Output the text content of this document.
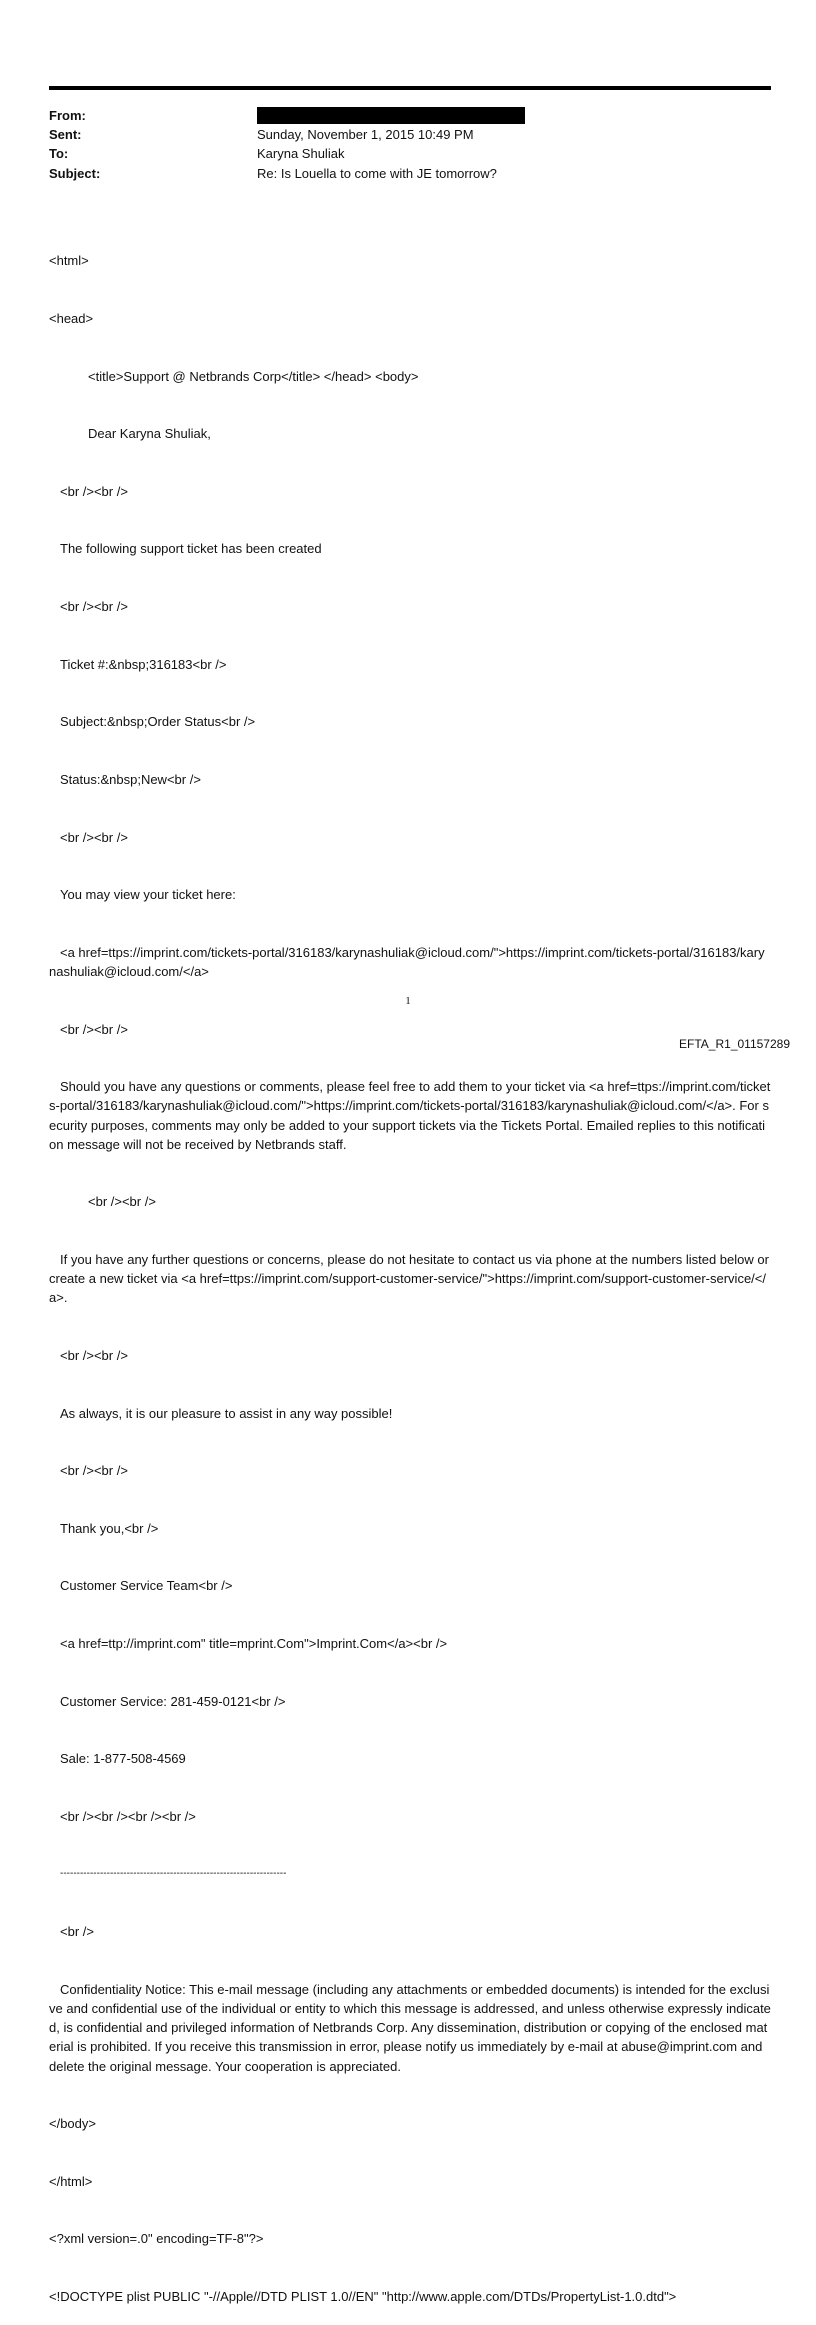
From:
Sent:	Sunday, November 1, 2015 10:49 PM
To:	Karyna Shuliak
Subject:	Re: Is Louella to come with JE tomorrow?

<html>

<head>

<title>Support @ Netbrands Corp</title> </head> <body>

Dear Karyna Shuliak,

<br /><br />

The following support ticket has been created

<br /><br />

Ticket #:&nbsp;316183<br />

Subject:&nbsp;Order Status<br />

Status:&nbsp;New<br />

<br /><br />

You may view your ticket here:

<a href=ttps://imprint.com/tickets-portal/316183/karynashuliak@icloud.com/">https://imprint.com/tickets-portal/316183/karynashuliak@icloud.com/</a>

<br /><br />

Should you have any questions or comments, please feel free to add them to your ticket via <a href=ttps://imprint.com/tickets-portal/316183/karynashuliak@icloud.com/">https://imprint.com/tickets-portal/316183/karynashuliak@icloud.com/</a>. For security purposes, comments may only be added to your support tickets via the Tickets Portal. Emailed replies to this notification message will not be received by Netbrands staff.

<br /><br />

If you have any further questions or concerns, please do not hesitate to contact us via phone at the numbers listed below or create a new ticket via <a href=ttps://imprint.com/support-customer-service/">https://imprint.com/support-customer-service/</a>.

<br /><br />

As always, it is our pleasure to assist in any way possible!

<br /><br />

Thank you,<br />

Customer Service Team<br />

<a href=ttp://imprint.com" title=mprint.Com">Imprint.Com</a><br />

Customer Service: 281-459-0121<br />

Sale: 1-877-508-4569

<br /><br /><br /><br />

--------------------------------------------------------------------

<br />

Confidentiality Notice: This e-mail message (including any attachments or embedded documents) is intended for the exclusive and confidential use of the individual or entity to which this message is addressed, and unless otherwise expressly indicated, is confidential and privileged information of Netbrands Corp. Any dissemination, distribution or copying of the enclosed material is prohibited. If you receive this transmission in error, please notify us immediately by e-mail at abuse@imprint.com and delete the original message. Your cooperation is appreciated.

</body>

</html>

<?xml version=.0" encoding=TF-8"?>

<!DOCTYPE plist PUBLIC "-//Apple//DTD PLIST 1.0//EN" "http://www.apple.com/DTDs/PropertyList-1.0.dtd">

1
EFTA_R1_01157289
